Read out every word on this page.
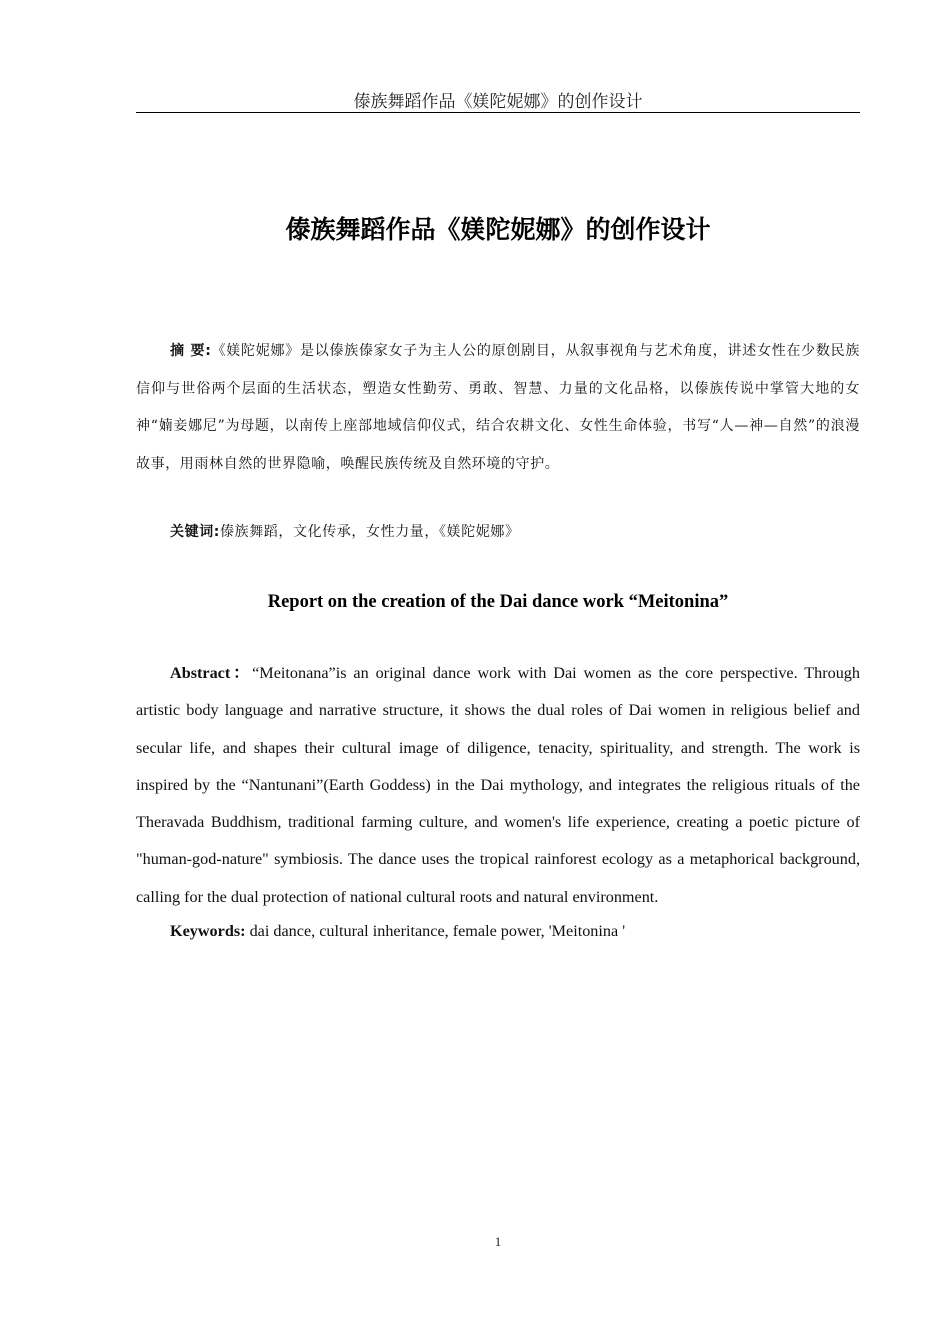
傣族舞蹈作品《媄陀妮娜》的创作设计
傣族舞蹈作品《媄陀妮娜》的创作设计
摘 要:《媄陀妮娜》是以傣族傣家女子为主人公的原创剧目，从叙事视角与艺术角度，讲述女性在少数民族信仰与世俗两个层面的生活状态，塑造女性勤劳、勇敢、智慧、力量的文化品格，以傣族传说中掌管大地的女神“婻妾娜尼”为母题，以南传上座部地域信仰仪式，结合农耕文化、女性生命体验，书写“人—神—自然”的浪漫故事，用雨林自然的世界隐喻，唤醒民族传统及自然环境的守护。
关键词:傣族舞蹈，文化传承，女性力量，《媄陀妮娜》
Report on the creation of the Dai dance work “Meitonina”
Abstract：“Meitonana”is an original dance work with Dai women as the core perspective. Through artistic body language and narrative structure, it shows the dual roles of Dai women in religious belief and secular life, and shapes their cultural image of diligence, tenacity, spirituality, and strength. The work is inspired by the “Nantunani”(Earth Goddess) in the Dai mythology, and integrates the religious rituals of the Theravada Buddhism, traditional farming culture, and women's life experience, creating a poetic picture of "human-god-nature" symbiosis. The dance uses the tropical rainforest ecology as a metaphorical background, calling for the dual protection of national cultural roots and natural environment.
Keywords: dai dance, cultural inheritance, female power, 'Meitonina '
1
